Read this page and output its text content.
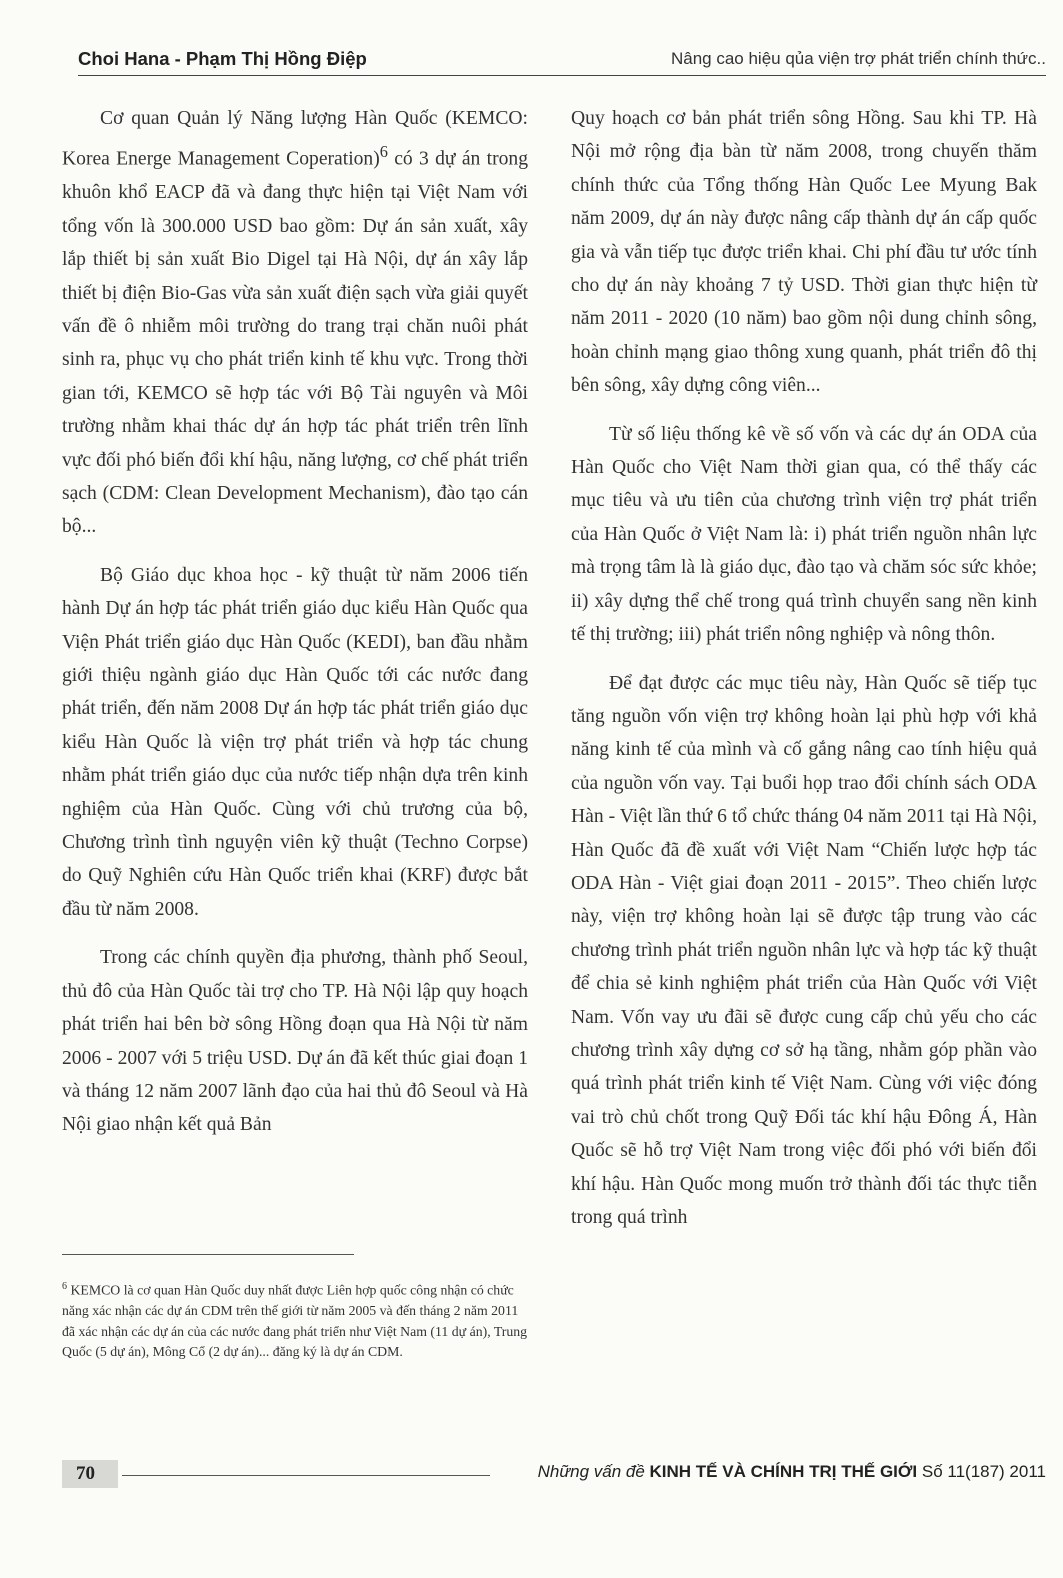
Choi Hana - Phạm Thị Hồng Điệp	Nâng cao hiệu qủa viện trợ phát triển chính thức..

Cơ quan Quản lý Năng lượng Hàn Quốc (KEMCO: Korea Energe Management Coperation)$^6$ có 3 dự án trong khuôn khổ EACP đã và đang thực hiện tại Việt Nam với tổng vốn là 300.000 USD bao gồm: Dự án sản xuất, xây lắp thiết bị sản xuất Bio Digel tại Hà Nội, dự án xây lắp thiết bị điện Bio-Gas vừa sản xuất điện sạch vừa giải quyết vấn đề ô nhiễm môi trường do trang trại chăn nuôi phát sinh ra, phục vụ cho phát triển kinh tế khu vực. Trong thời gian tới, KEMCO sẽ hợp tác với Bộ Tài nguyên và Môi trường nhằm khai thác dự án hợp tác phát triển trên lĩnh vực đối phó biến đổi khí hậu, năng lượng, cơ chế phát triển sạch (CDM: Clean Development Mechanism), đào tạo cán bộ...

Bộ Giáo dục khoa học - kỹ thuật từ năm 2006 tiến hành Dự án hợp tác phát triển giáo dục kiểu Hàn Quốc qua Viện Phát triển giáo dục Hàn Quốc (KEDI), ban đầu nhằm giới thiệu ngành giáo dục Hàn Quốc tới các nước đang phát triển, đến năm 2008 Dự án hợp tác phát triển giáo dục kiểu Hàn Quốc là viện trợ phát triển và hợp tác chung nhằm phát triển giáo dục của nước tiếp nhận dựa trên kinh nghiệm của Hàn Quốc. Cùng với chủ trương của bộ, Chương trình tình nguyện viên kỹ thuật (Techno Corpse) do Quỹ Nghiên cứu Hàn Quốc triển khai (KRF) được bắt đầu từ năm 2008.

Trong các chính quyền địa phương, thành phố Seoul, thủ đô của Hàn Quốc tài trợ cho TP. Hà Nội lập quy hoạch phát triển hai bên bờ sông Hồng đoạn qua Hà Nội từ năm 2006 - 2007 với 5 triệu USD. Dự án đã kết thúc giai đoạn 1 và tháng 12 năm 2007 lãnh đạo của hai thủ đô Seoul và Hà Nội giao nhận kết quả Bản

$^6$ KEMCO là cơ quan Hàn Quốc duy nhất được Liên hợp quốc công nhận có chức năng xác nhận các dự án CDM trên thế giới từ năm 2005 và đến tháng 2 năm 2011 đã xác nhận các dự án của các nước đang phát triển như Việt Nam (11 dự án), Trung Quốc (5 dự án), Mông Cổ (2 dự án)... đăng ký là dự án CDM.

Quy hoạch cơ bản phát triển sông Hồng. Sau khi TP. Hà Nội mở rộng địa bàn từ năm 2008, trong chuyến thăm chính thức của Tổng thống Hàn Quốc Lee Myung Bak năm 2009, dự án này được nâng cấp thành dự án cấp quốc gia và vẫn tiếp tục được triển khai. Chi phí đầu tư ước tính cho dự án này khoảng 7 tỷ USD. Thời gian thực hiện từ năm 2011 - 2020 (10 năm) bao gồm nội dung chỉnh sông, hoàn chỉnh mạng giao thông xung quanh, phát triển đô thị bên sông, xây dựng công viên...

Từ số liệu thống kê về số vốn và các dự án ODA của Hàn Quốc cho Việt Nam thời gian qua, có thể thấy các mục tiêu và ưu tiên của chương trình viện trợ phát triển của Hàn Quốc ở Việt Nam là: i) phát triển nguồn nhân lực mà trọng tâm là là giáo dục, đào tạo và chăm sóc sức khỏe; ii) xây dựng thể chế trong quá trình chuyển sang nền kinh tế thị trường; iii) phát triển nông nghiệp và nông thôn.

Để đạt được các mục tiêu này, Hàn Quốc sẽ tiếp tục tăng nguồn vốn viện trợ không hoàn lại phù hợp với khả năng kinh tế của mình và cố gắng nâng cao tính hiệu quả của nguồn vốn vay. Tại buổi họp trao đổi chính sách ODA Hàn - Việt lần thứ 6 tổ chức tháng 04 năm 2011 tại Hà Nội, Hàn Quốc đã đề xuất với Việt Nam “Chiến lược hợp tác ODA Hàn - Việt giai đoạn 2011 - 2015”. Theo chiến lược này, viện trợ không hoàn lại sẽ được tập trung vào các chương trình phát triển nguồn nhân lực và hợp tác kỹ thuật để chia sẻ kinh nghiệm phát triển của Hàn Quốc với Việt Nam. Vốn vay ưu đãi sẽ được cung cấp chủ yếu cho các chương trình xây dựng cơ sở hạ tầng, nhằm góp phần vào quá trình phát triển kinh tế Việt Nam. Cùng với việc đóng vai trò chủ chốt trong Quỹ Đối tác khí hậu Đông Á, Hàn Quốc sẽ hỗ trợ Việt Nam trong việc đối phó với biến đổi khí hậu. Hàn Quốc mong muốn trở thành đối tác thực tiễn trong quá trình

70	Những vấn đề KINH TẾ VÀ CHÍNH TRỊ THẾ GIỚI Số 11(187) 2011
